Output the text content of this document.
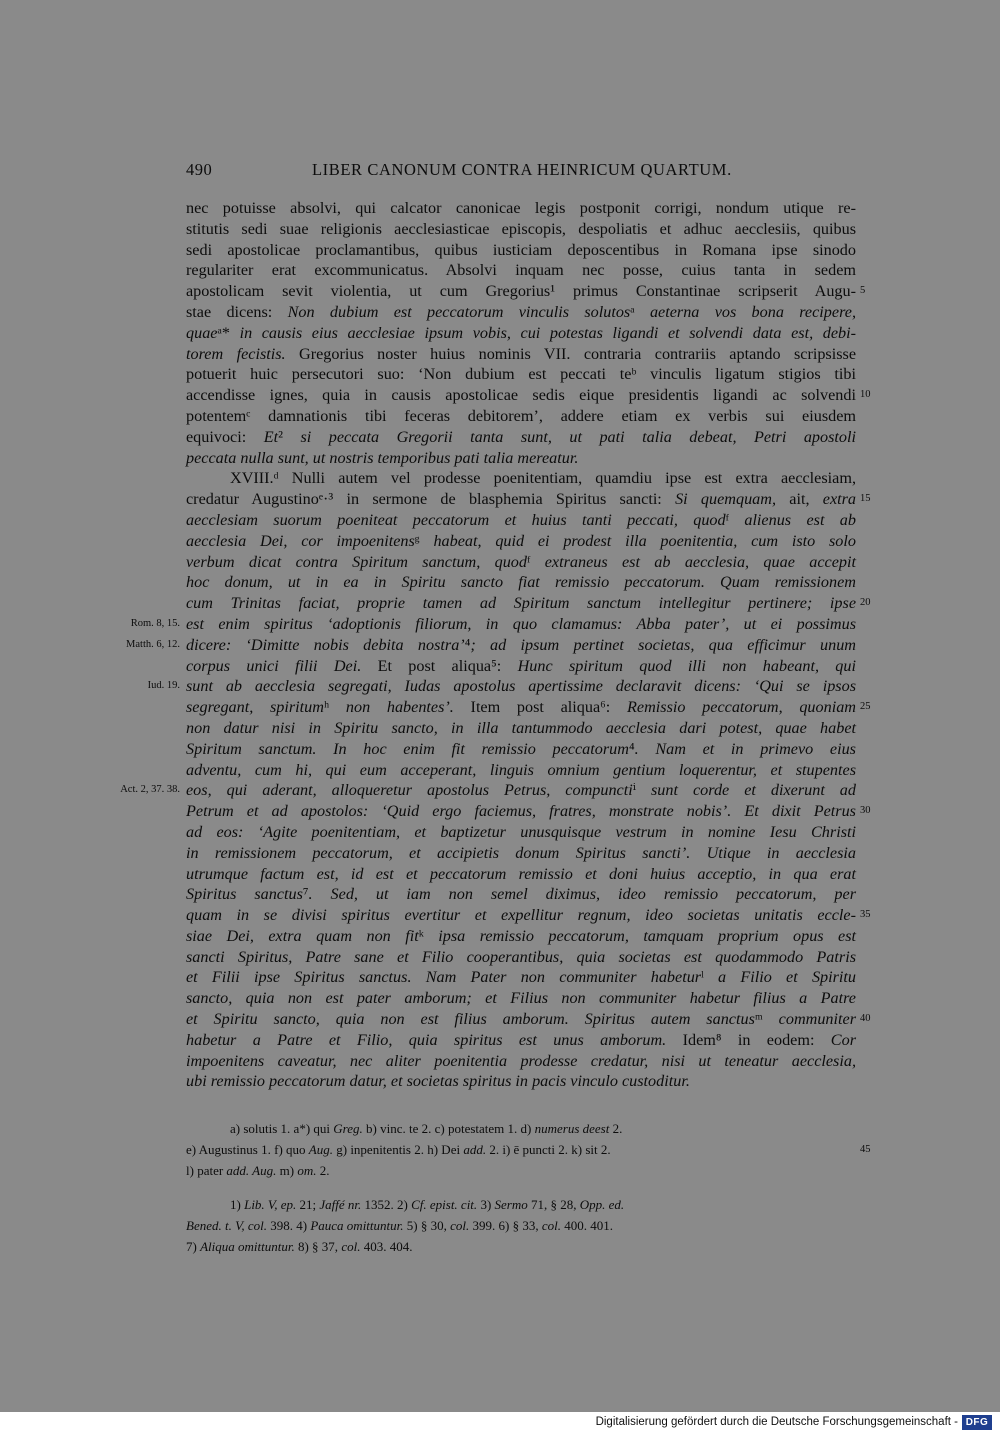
490	LIBER CANONUM CONTRA HEINRICUM QUARTUM.
nec potuisse absolvi, qui calcator canonicae legis postponit corrigi, nondum utique re-
stitutis sedi suae religionis aecclesiasticae episcopis, despoliatis et adhuc aecclesiis, quibus
sedi apostolicae proclamantibus, quibus iusticiam deposcentibus in Romana ipse sinodo
regulariter erat excommunicatus. Absolvi inquam nec posse, cuius tanta in sedem
apostolicam sevit violentia, ut cum Gregorius¹ primus Constantinae scripserit Augu-
stae dicens: Non dubium est peccatorum vinculis solutosᵃ aeterna vos bona recipere,
quaeᵃ* in causis eius aecclesiae ipsum vobis, cui potestas ligandi et solvendi data est, debi-
torem fecistis. Gregorius noster huius nominis VII. contraria contrariis aptando scripsisse
potuerit huic persecutori suo: ‘Non dubium est peccati teᵇ vinculis ligatum stigios tibi
accendisse ignes, quia in causis apostolicae sedis eique presidentis ligandi ac solvendi
potentemᶜ damnationis tibi feceras debitorem’, addere etiam ex verbis sui eiusdem
equivoci: Et² si peccata Gregorii tanta sunt, ut pati talia debeat, Petri apostoli
peccata nulla sunt, ut nostris temporibus pati talia mereatur.
XVIII.ᵈ Nulli autem vel prodesse poenitentiam, quamdiu ipse est extra aecclesiam,
credatur Augustinoᵉ·³ in sermone de blasphemia Spiritus sancti: Si quemquam, ait, extra
aecclesiam suorum poeniteat peccatorum et huius tanti peccati, quodᶠ alienus est ab
aecclesia Dei, cor impoenitensᵍ habeat, quid ei prodest illa poenitentia, cum isto solo
verbum dicat contra Spiritum sanctum, quodᶠ extraneus est ab aecclesia, quae accepit
hoc donum, ut in ea in Spiritu sancto fiat remissio peccatorum. Quam remissionem
cum Trinitas faciat, proprie tamen ad Spiritum sanctum intellegitur pertinere; ipse
est enim spiritus ‘adoptionis filiorum, in quo clamamus: Abba pater’, ut ei possimus
dicere: ‘Dimitte nobis debita nostra’⁴; ad ipsum pertinet societas, qua efficimur unum
corpus unici filii Dei. Et post aliqua⁵: Hunc spiritum quod illi non habeant, qui
sunt ab aecclesia segregati, Iudas apostolus apertissime declaravit dicens: ‘Qui se ipsos
segregant, spiritumʰ non habentes’. Item post aliqua⁶: Remissio peccatorum, quoniam
non datur nisi in Spiritu sancto, in illa tantummodo aecclesia dari potest, quae habet
Spiritum sanctum. In hoc enim fit remissio peccatorum⁴. Nam et in primevo eius
adventu, cum hi, qui eum acceperant, linguis omnium gentium loquerentur, et stupentes
eos, qui aderant, alloqueretur apostolus Petrus, compunctiⁱ sunt corde et dixerunt ad
Petrum et ad apostolos: ‘Quid ergo faciemus, fratres, monstrate nobis’. Et dixit Petrus
ad eos: ‘Agite poenitentiam, et baptizetur unusquisque vestrum in nomine Iesu Christi
in remissionem peccatorum, et accipietis donum Spiritus sancti’. Utique in aecclesia
utrumque factum est, id est et peccatorum remissio et doni huius acceptio, in qua erat
Spiritus sanctus⁷. Sed, ut iam non semel diximus, ideo remissio peccatorum, per
quam in se divisi spiritus evertitur et expellitur regnum, ideo societas unitatis eccle-
siae Dei, extra quam non fitᵏ ipsa remissio peccatorum, tamquam proprium opus est
sancti Spiritus, Patre sane et Filio cooperantibus, quia societas est quodammodo Patris
et Filii ipse Spiritus sanctus. Nam Pater non communiter habeturˡ a Filio et Spiritu
sancto, quia non est pater amborum; et Filius non communiter habetur filius a Patre
et Spiritu sancto, quia non est filius amborum. Spiritus autem sanctusᵐ communiter
habetur a Patre et Filio, quia spiritus est unus amborum. Idem⁸ in eodem: Cor
impoenitens caveatur, nec aliter poenitentia prodesse credatur, nisi ut teneatur aecclesia,
ubi remissio peccatorum datur, et societas spiritus in pacis vinculo custoditur.
Rom. 8, 15.
Matth. 6, 12.
Iud. 19.
Act. 2, 37. 38.
5
10
15
20
25
30
35
40
a) solutis 1. a*) qui Greg. b) vinc. te 2. c) potestatem 1. d) numerus deest 2.
e) Augustinus 1. f) quo Aug. g) inpenitentis 2. h) Dei add. 2. i) ē puncti 2. k) sit 2.
l) pater add. Aug. m) om. 2.
45
1) Lib. V, ep. 21; Jaffé nr. 1352. 2) Cf. epist. cit. 3) Sermo 71, § 28, Opp. ed.
Bened. t. V, col. 398. 4) Pauca omittuntur. 5) § 30, col. 399. 6) § 33, col. 400. 401.
7) Aliqua omittuntur. 8) § 37, col. 403. 404.
Digitalisierung gefördert durch die Deutsche Forschungsgemeinschaft - DFG
